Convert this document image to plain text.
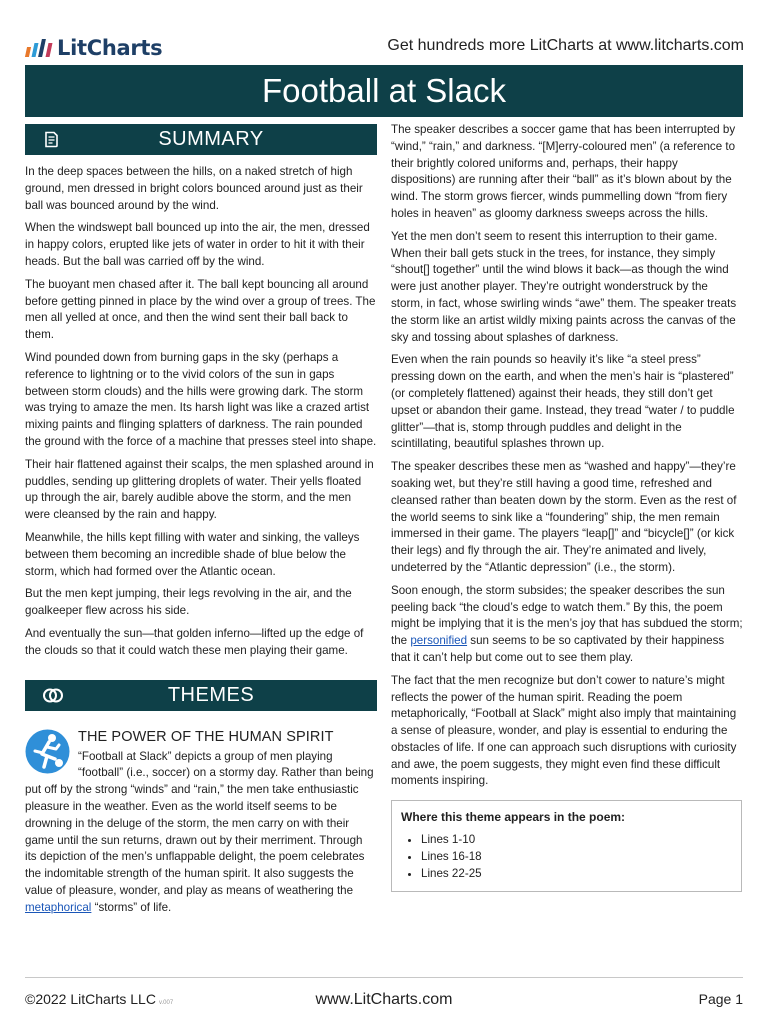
LitCharts	Get hundreds more LitCharts at www.litcharts.com
Football at Slack
SUMMARY

In the deep spaces between the hills, on a naked stretch of high ground, men dressed in bright colors bounced around just as their ball was bounced around by the wind.

When the windswept ball bounced up into the air, the men, dressed in happy colors, erupted like jets of water in order to hit it with their heads. But the ball was carried off by the wind.

The buoyant men chased after it. The ball kept bouncing all around before getting pinned in place by the wind over a group of trees. The men all yelled at once, and then the wind sent their ball back to them.

Wind pounded down from burning gaps in the sky (perhaps a reference to lightning or to the vivid colors of the sun in gaps between storm clouds) and the hills were growing dark. The storm was trying to amaze the men. Its harsh light was like a crazed artist mixing paints and flinging splatters of darkness. The rain pounded the ground with the force of a machine that presses steel into shape.

Their hair flattened against their scalps, the men splashed around in puddles, sending up glittering droplets of water. Their yells floated up through the air, barely audible above the storm, and the men were cleansed by the rain and happy.

Meanwhile, the hills kept filling with water and sinking, the valleys between them becoming an incredible shade of blue below the storm, which had formed over the Atlantic ocean.

But the men kept jumping, their legs revolving in the air, and the goalkeeper flew across his side.

And eventually the sun—that golden inferno—lifted up the edge of the clouds so that it could watch these men playing their game.

THEMES
THE POWER OF THE HUMAN SPIRIT

“Football at Slack” depicts a group of men playing “football” (i.e., soccer) on a stormy day. Rather than being put off by the strong “winds” and “rain,” the men take enthusiastic pleasure in the weather. Even as the world itself seems to be drowning in the deluge of the storm, the men carry on with their game until the sun returns, drawn out by their merriment. Through its depiction of the men’s unflappable delight, the poem celebrates the indomitable strength of the human spirit. It also suggests the value of pleasure, wonder, and play as means of weathering the metaphorical “storms” of life.

The speaker describes a soccer game that has been interrupted by “wind,” “rain,” and darkness. “[M]erry-coloured men” (a reference to their brightly colored uniforms and, perhaps, their happy dispositions) are running after their “ball” as it’s blown about by the wind. The storm grows fiercer, winds pummelling down “from fiery holes in heaven” as gloomy darkness sweeps across the hills.

Yet the men don’t seem to resent this interruption to their game. When their ball gets stuck in the trees, for instance, they simply “shout[] together” until the wind blows it back—as though the wind were just another player. They’re outright wonderstruck by the storm, in fact, whose swirling winds “awe” them. The speaker treats the storm like an artist wildly mixing paints across the canvas of the sky and tossing about splashes of darkness.

Even when the rain pounds so heavily it’s like “a steel press” pressing down on the earth, and when the men’s hair is “plastered” (or completely flattened) against their heads, they still don’t get upset or abandon their game. Instead, they tread “water / to puddle glitter”—that is, stomp through puddles and delight in the scintillating, beautiful splashes thrown up.

The speaker describes these men as “washed and happy”—they’re soaking wet, but they’re still having a good time, refreshed and cleansed rather than beaten down by the storm. Even as the rest of the world seems to sink like a “foundering” ship, the men remain immersed in their game. The players “leap[]” and “bicycle[]” (or kick their legs) and fly through the air. They’re animated and lively, undeterred by the “Atlantic depression” (i.e., the storm).

Soon enough, the storm subsides; the speaker describes the sun peeling back “the cloud’s edge to watch them.” By this, the poem might be implying that it is the men’s joy that has subdued the storm; the personified sun seems to be so captivated by their happiness that it can’t help but come out to see them play.

The fact that the men recognize but don’t cower to nature’s might reflects the power of the human spirit. Reading the poem metaphorically, “Football at Slack” might also imply that maintaining a sense of pleasure, wonder, and play is essential to enduring the obstacles of life. If one can approach such disruptions with curiosity and awe, the poem suggests, they might even find these difficult moments inspiring.

Where this theme appears in the poem:
• Lines 1-10
• Lines 16-18
• Lines 22-25
©2022 LitCharts LLC v.007	www.LitCharts.com	Page 1
